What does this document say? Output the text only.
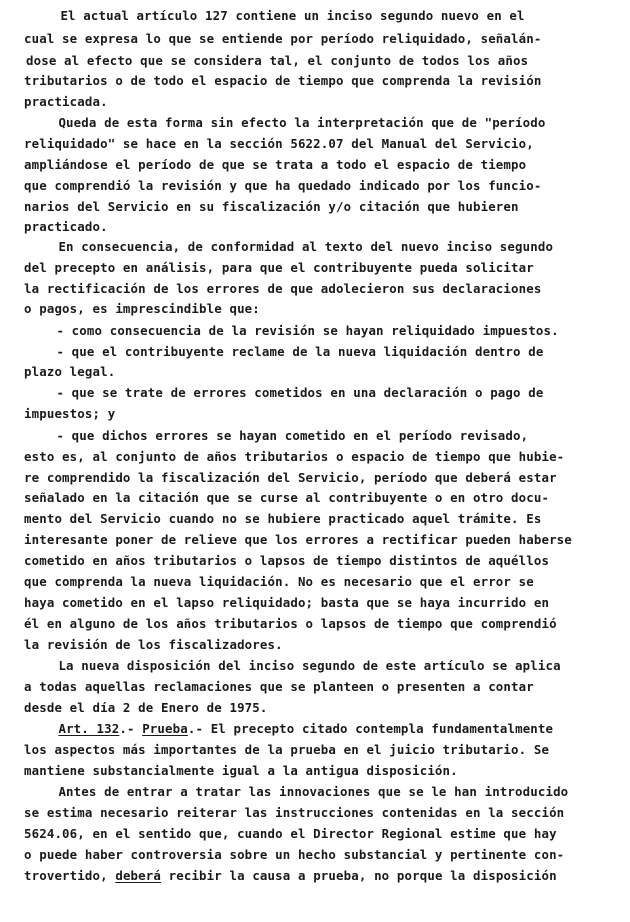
El actual artículo 127 contiene un inciso segundo nuevo en el
cual se expresa lo que se entiende por período reliquidado, señalán-
dose al efecto que se considera tal, el conjunto de todos los años
tributarios o de todo el espacio de tiempo que comprenda la revisión
practicada.
Queda de esta forma sin efecto la interpretación que de "período
reliquidado" se hace en la sección 5622.07 del Manual del Servicio,
ampliándose el período de que se trata a todo el espacio de tiempo
que comprendió la revisión y que ha quedado indicado por los funcio-
narios del Servicio en su fiscalización y/o citación que hubieren
practicado.
En consecuencia, de conformidad al texto del nuevo inciso segundo
del precepto en análisis, para que el contribuyente pueda solicitar
la rectificación de los errores de que adolecieron sus declaraciones
o pagos, es imprescindible que:
- como consecuencia de la revisión se hayan reliquidado impuestos.
- que el contribuyente reclame de la nueva liquidación dentro de
plazo legal.
- que se trate de errores cometidos en una declaración o pago de
impuestos; y
- que dichos errores se hayan cometido en el período revisado,
esto es, al conjunto de años tributarios o espacio de tiempo que hubie-
re comprendido la fiscalización del Servicio, período que deberá estar
señalado en la citación que se curse al contribuyente o en otro docu-
mento del Servicio cuando no se hubiere practicado aquel trámite. Es
interesante poner de relieve que los errores a rectificar pueden haberse
cometido en años tributarios o lapsos de tiempo distintos de aquéllos
que comprenda la nueva liquidación. No es necesario que el error se
haya cometido en el lapso reliquidado; basta que se haya incurrido en
él en alguno de los años tributarios o lapsos de tiempo que comprendió
la revisión de los fiscalizadores.
La nueva disposición del inciso segundo de este artículo se aplica
a todas aquellas reclamaciones que se planteen o presenten a contar
desde el día 2 de Enero de 1975.
Art. 132.- Prueba.- El precepto citado contempla fundamentalmente
los aspectos más importantes de la prueba en el juicio tributario. Se
mantiene substancialmente igual a la antigua disposición.
Antes de entrar a tratar las innovaciones que se le han introducido
se estima necesario reiterar las instrucciones contenidas en la sección
5624.06, en el sentido que, cuando el Director Regional estime que hay
o puede haber controversia sobre un hecho substancial y pertinente con-
trovertido, deberá recibir la causa a prueba, no porque la disposición
